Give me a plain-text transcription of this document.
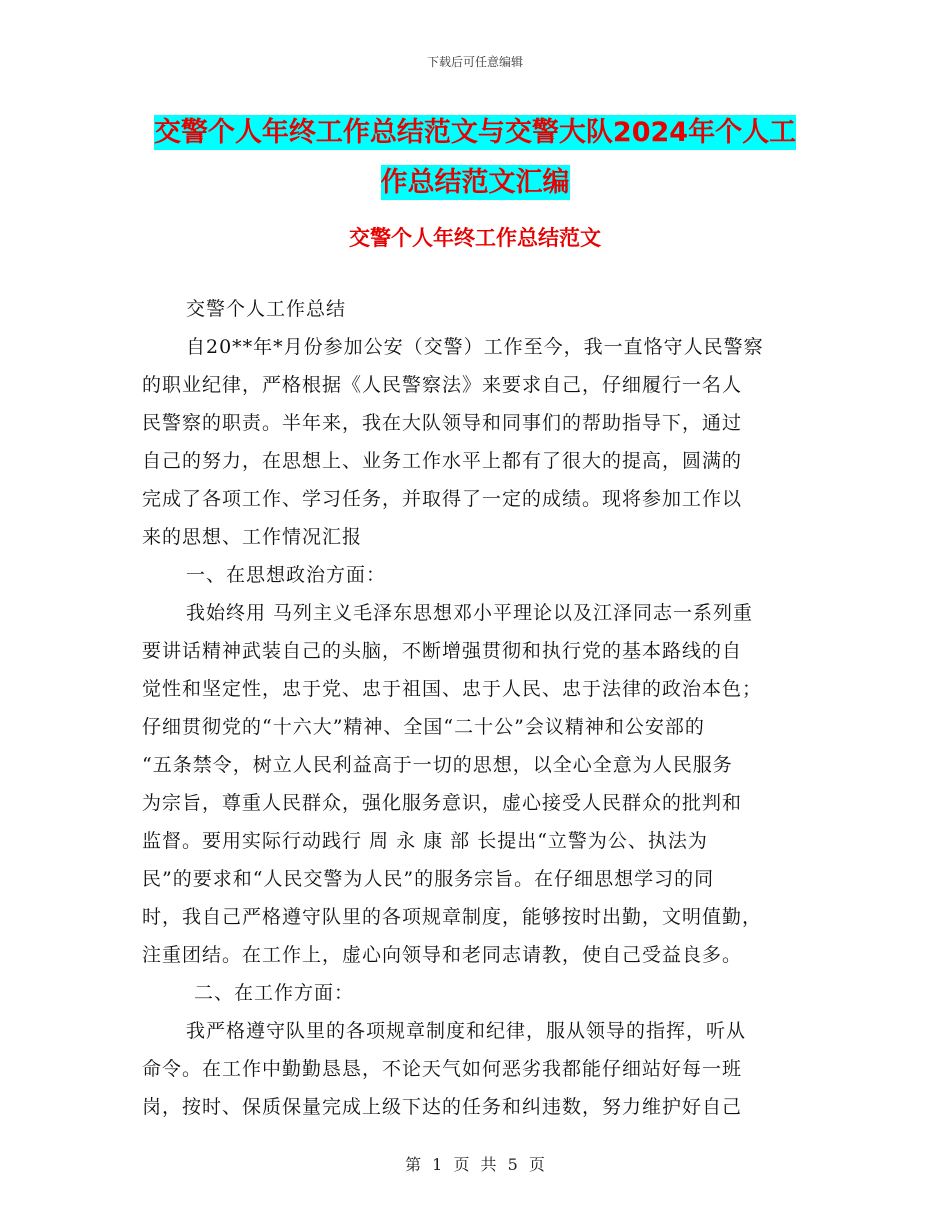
下载后可任意编辑
交警个人年终工作总结范文与交警大队2024年个人工
作总结范文汇编
交警个人年终工作总结范文
交警个人工作总结
自20**年*月份参加公安（交警）工作至今，我一直恪守人民警察
的职业纪律，严格根据《人民警察法》来要求自己，仔细履行一名人
民警察的职责。半年来，我在大队领导和同事们的帮助指导下，通过
自己的努力，在思想上、业务工作水平上都有了很大的提高，圆满的
完成了各项工作、学习任务，并取得了一定的成绩。现将参加工作以
来的思想、工作情况汇报
一、在思想政治方面：
我始终用 马列主义毛泽东思想邓小平理论以及江泽同志一系列重
要讲话精神武装自己的头脑，不断增强贯彻和执行党的基本路线的自
觉性和坚定性，忠于党、忠于祖国、忠于人民、忠于法律的政治本色；
仔细贯彻党的“十六大”精神、全国“二十公”会议精神和公安部的
“五条禁令，树立人民利益高于一切的思想，以全心全意为人民服务
为宗旨，尊重人民群众，强化服务意识，虚心接受人民群众的批判和
监督。要用实际行动践行 周 永 康 部 长提出“立警为公、执法为
民”的要求和“人民交警为人民”的服务宗旨。在仔细思想学习的同
时，我自己严格遵守队里的各项规章制度，能够按时出勤，文明值勤，
注重团结。在工作上，虚心向领导和老同志请教，使自己受益良多。
二、在工作方面：
我严格遵守队里的各项规章制度和纪律，服从领导的指挥，听从
命令。在工作中勤勤恳恳，不论天气如何恶劣我都能仔细站好每一班
岗，按时、保质保量完成上级下达的任务和纠违数，努力维护好自己
第 1 页 共 5 页
